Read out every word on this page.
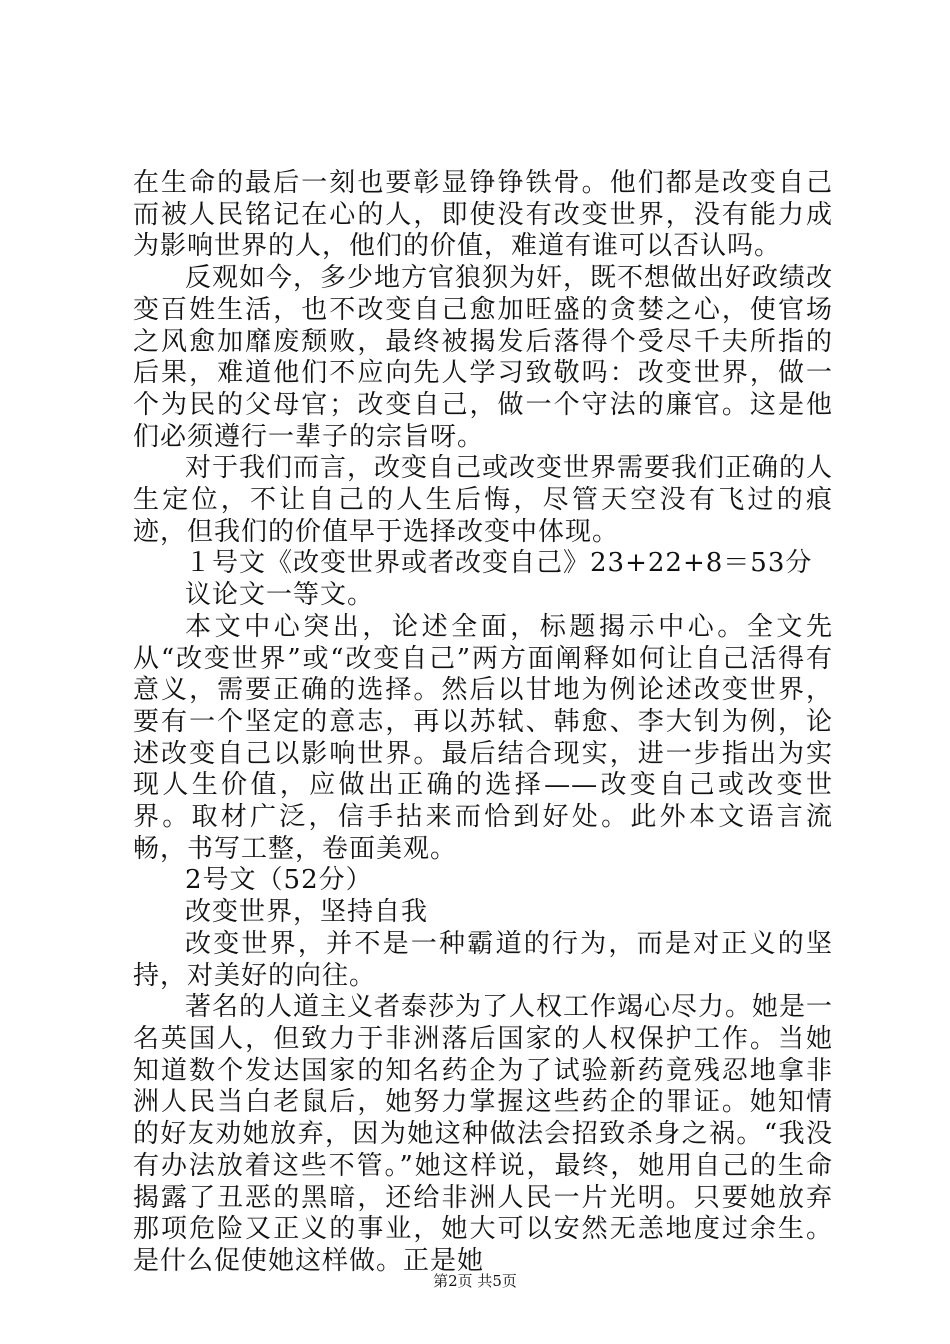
在生命的最后一刻也要彰显铮铮铁骨。他们都是改变自己而被人民铭记在心的人，即使没有改变世界，没有能力成为影响世界的人，他们的价值，难道有谁可以否认吗。

反观如今，多少地方官狼狈为奸，既不想做出好政绩改变百姓生活，也不改变自己愈加旺盛的贪婪之心，使官场之风愈加靡废颓败，最终被揭发后落得个受尽千夫所指的后果，难道他们不应向先人学习致敬吗：改变世界，做一个为民的父母官；改变自己，做一个守法的廉官。这是他们必须遵行一辈子的宗旨呀。

对于我们而言，改变自己或改变世界需要我们正确的人生定位，不让自己的人生后悔，尽管天空没有飞过的痕迹，但我们的价值早于选择改变中体现。

１号文《改变世界或者改变自己》23+22+8＝53分

议论文一等文。

本文中心突出，论述全面，标题揭示中心。全文先从“改变世界”或“改变自己”两方面阐释如何让自己活得有意义，需要正确的选择。然后以甘地为例论述改变世界，要有一个坚定的意志，再以苏轼、韩愈、李大钊为例，论述改变自己以影响世界。最后结合现实，进一步指出为实现人生价值，应做出正确的选择——改变自己或改变世界。取材广泛，信手拈来而恰到好处。此外本文语言流畅，书写工整，卷面美观。

2号文（52分）

改变世界，坚持自我

改变世界，并不是一种霸道的行为，而是对正义的坚持，对美好的向往。

著名的人道主义者泰莎为了人权工作竭心尽力。她是一名英国人，但致力于非洲落后国家的人权保护工作。当她知道数个发达国家的知名药企为了试验新药竟残忍地拿非洲人民当白老鼠后，她努力掌握这些药企的罪证。她知情的好友劝她放弃，因为她这种做法会招致杀身之祸。“我没有办法放着这些不管。”她这样说，最终，她用自己的生命揭露了丑恶的黑暗，还给非洲人民一片光明。只要她放弃那项危险又正义的事业，她大可以安然无恙地度过余生。是什么促使她这样做。正是她

第2页 共5页
